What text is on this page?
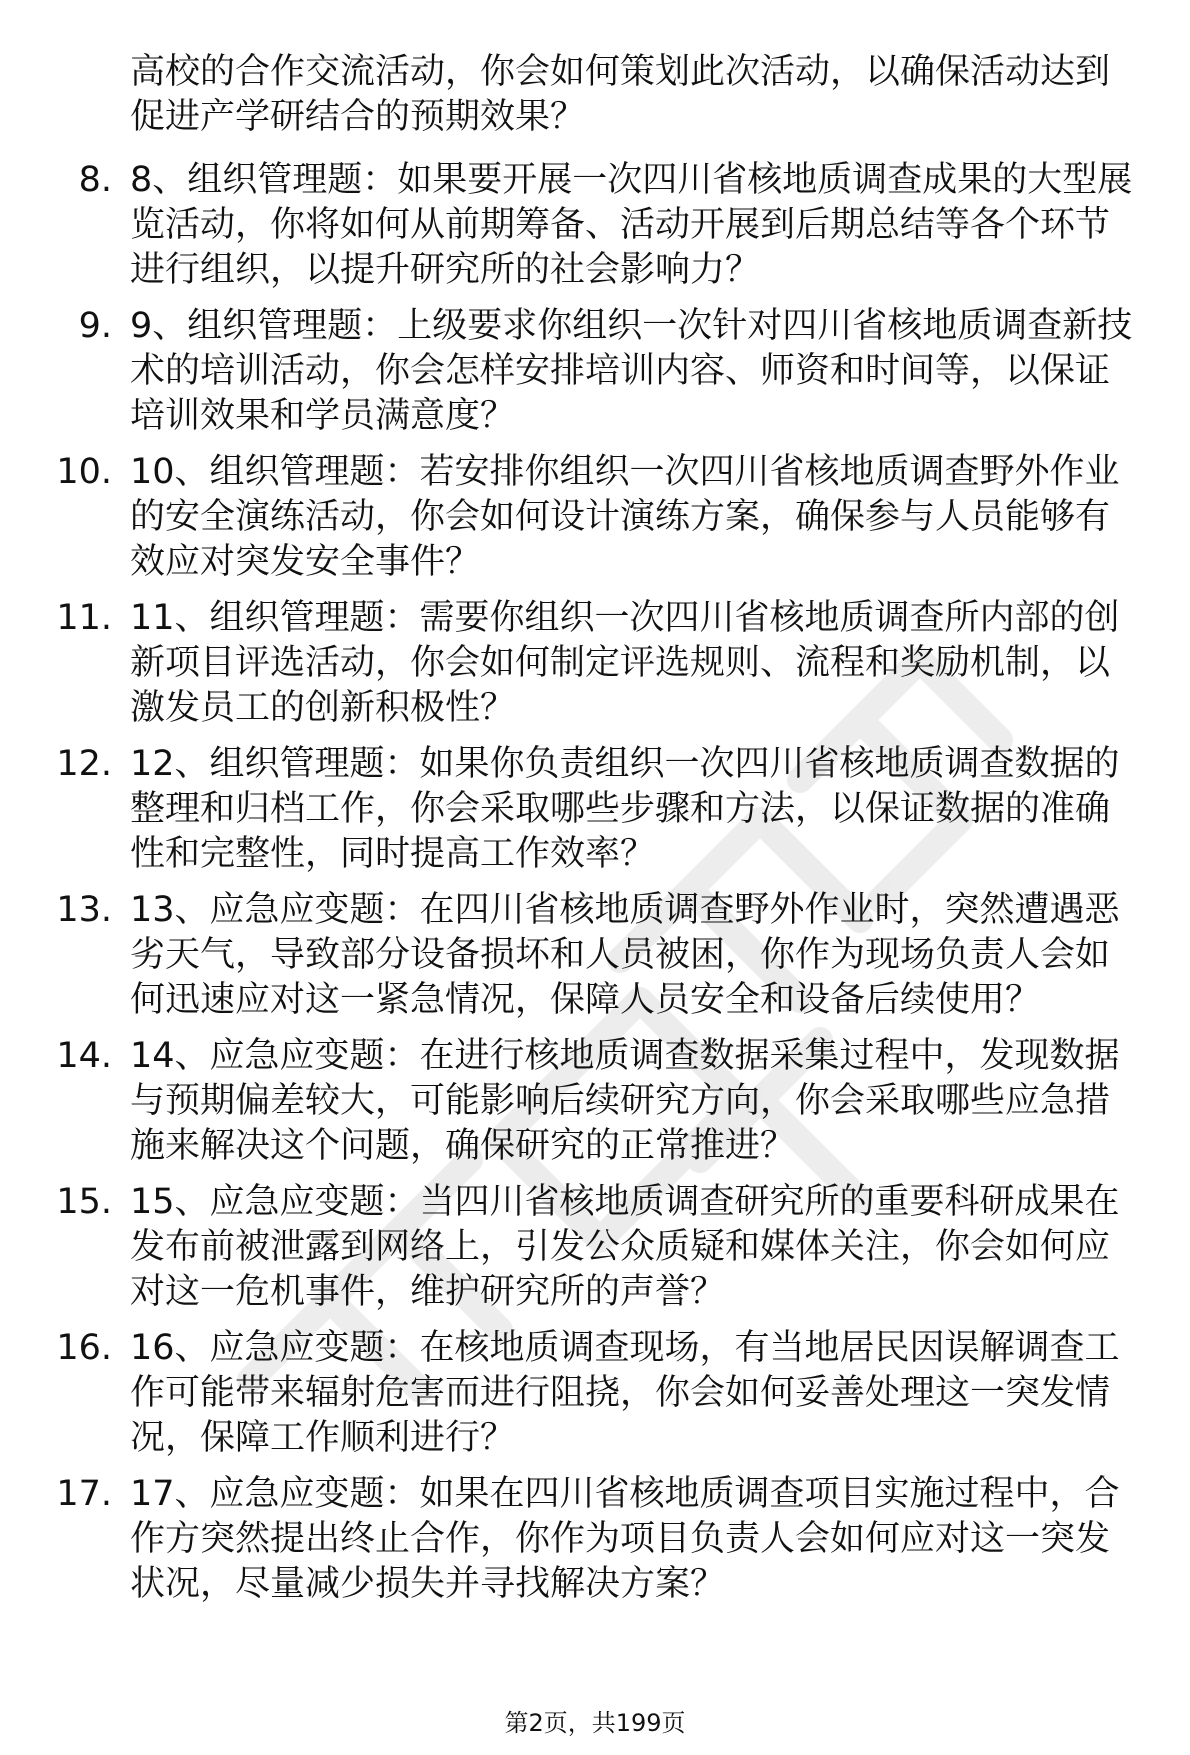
高校的合作交流活动，你会如何策划此次活动，以确保活动达到
促进产学研结合的预期效果？
8. 8、组织管理题：如果要开展一次四川省核地质调查成果的大型展
览活动，你将如何从前期筹备、活动开展到后期总结等各个环节
进行组织，以提升研究所的社会影响力？
9. 9、组织管理题：上级要求你组织一次针对四川省核地质调查新技
术的培训活动，你会怎样安排培训内容、师资和时间等，以保证
培训效果和学员满意度？
10. 10、组织管理题：若安排你组织一次四川省核地质调查野外作业
的安全演练活动，你会如何设计演练方案，确保参与人员能够有
效应对突发安全事件？
11. 11、组织管理题：需要你组织一次四川省核地质调查所内部的创
新项目评选活动，你会如何制定评选规则、流程和奖励机制，以
激发员工的创新积极性？
12. 12、组织管理题：如果你负责组织一次四川省核地质调查数据的
整理和归档工作，你会采取哪些步骤和方法，以保证数据的准确
性和完整性，同时提高工作效率？
13. 13、应急应变题：在四川省核地质调查野外作业时，突然遭遇恶
劣天气，导致部分设备损坏和人员被困，你作为现场负责人会如
何迅速应对这一紧急情况，保障人员安全和设备后续使用？
14. 14、应急应变题：在进行核地质调查数据采集过程中，发现数据
与预期偏差较大，可能影响后续研究方向，你会采取哪些应急措
施来解决这个问题，确保研究的正常推进？
15. 15、应急应变题：当四川省核地质调查研究所的重要科研成果在
发布前被泄露到网络上，引发公众质疑和媒体关注，你会如何应
对这一危机事件，维护研究所的声誉？
16. 16、应急应变题：在核地质调查现场，有当地居民因误解调查工
作可能带来辐射危害而进行阻挠，你会如何妥善处理这一突发情
况，保障工作顺利进行？
17. 17、应急应变题：如果在四川省核地质调查项目实施过程中，合
作方突然提出终止合作，你作为项目负责人会如何应对这一突发
状况，尽量减少损失并寻找解决方案？
第2页，共199页
